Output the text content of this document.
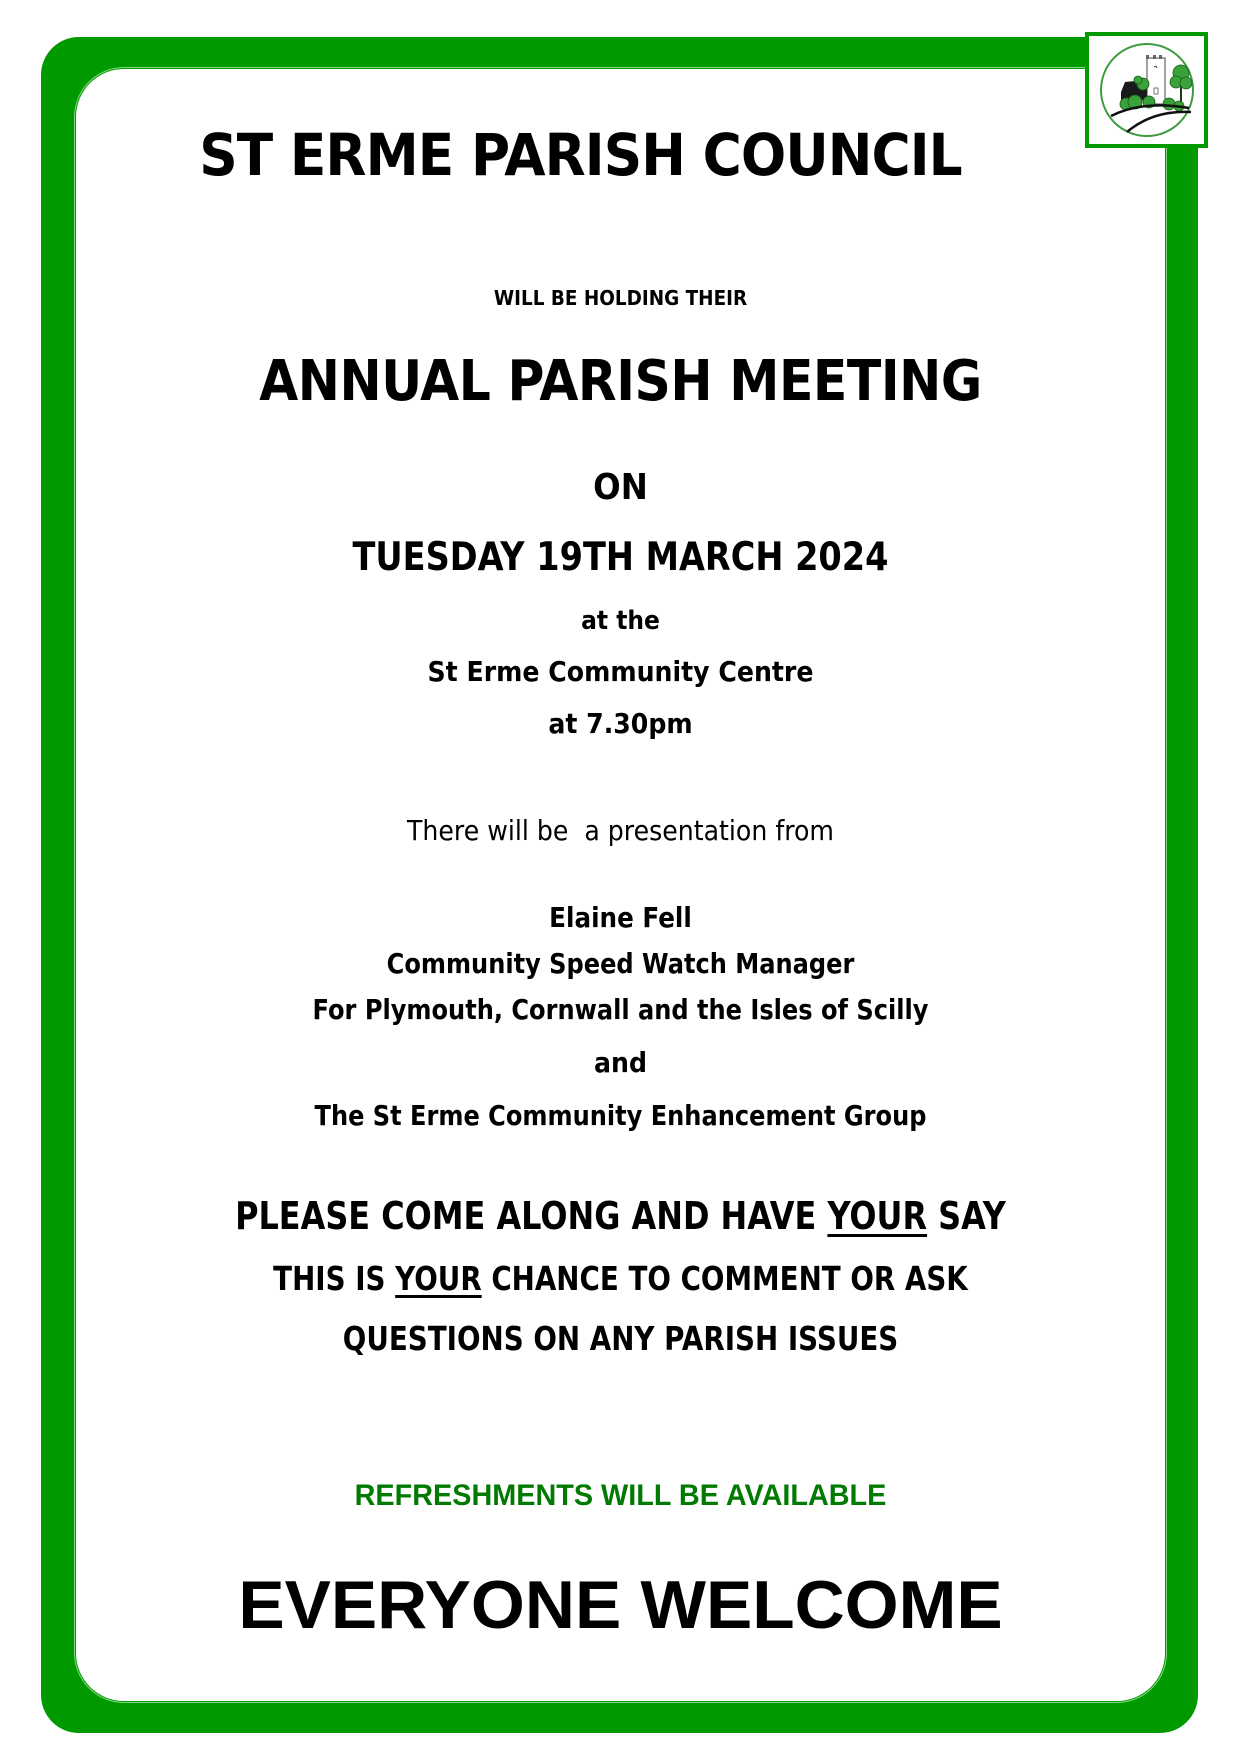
ST ERME PARISH COUNCIL
WILL BE HOLDING THEIR
ANNUAL PARISH MEETING
ON
TUESDAY 19TH MARCH 2024
at the
St Erme Community Centre
at 7.30pm
There will be  a presentation from
Elaine Fell
Community Speed Watch Manager
For Plymouth, Cornwall and the Isles of Scilly
and
The St Erme Community Enhancement Group
PLEASE COME ALONG AND HAVE YOUR SAY
THIS IS YOUR CHANCE TO COMMENT OR ASK
QUESTIONS ON ANY PARISH ISSUES
REFRESHMENTS WILL BE AVAILABLE
EVERYONE WELCOME
